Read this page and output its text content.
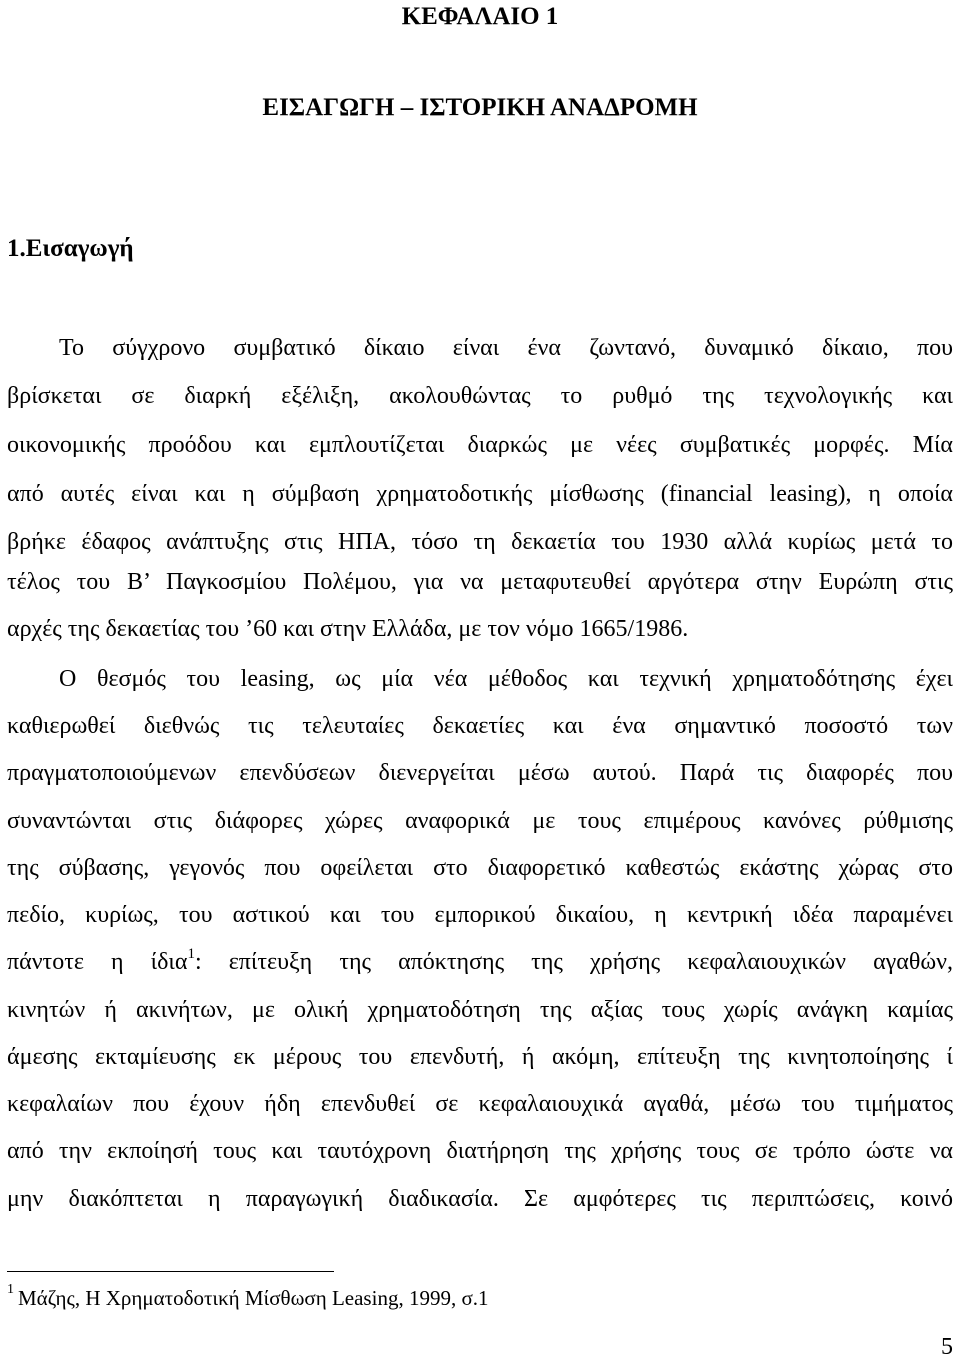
ΚΕΦΑΛΑΙΟ 1
ΕΙΣΑΓΩΓΗ – ΙΣΤΟΡΙΚΗ ΑΝΑΔΡΟΜΗ
1.Εισαγωγή
Το σύγχρονο συμβατικό δίκαιο είναι ένα ζωντανό, δυναμικό δίκαιο, που
βρίσκεται σε διαρκή εξέλιξη, ακολουθώντας το ρυθμό της τεχνολογικής και
οικονομικής προόδου και εμπλουτίζεται διαρκώς με νέες συμβατικές μορφές. Μία
από αυτές είναι και η σύμβαση χρηματοδοτικής μίσθωσης (financial leasing), η οποία
βρήκε έδαφος ανάπτυξης στις ΗΠΑ, τόσο τη δεκαετία του 1930 αλλά κυρίως μετά το
τέλος του Β’ Παγκοσμίου Πολέμου, για να μεταφυτευθεί αργότερα στην Ευρώπη στις
αρχές της δεκαετίας του ’60 και στην Ελλάδα, με τον νόμο 1665/1986.
Ο θεσμός του leasing, ως μία νέα μέθοδος και τεχνική χρηματοδότησης έχει
καθιερωθεί διεθνώς τις τελευταίες δεκαετίες και ένα σημαντικό ποσοστό των
πραγματοποιούμενων επενδύσεων διενεργείται μέσω αυτού. Παρά τις διαφορές που
συναντώνται στις διάφορες χώρες αναφορικά με τους επιμέρους κανόνες ρύθμισης
της σύβασης, γεγονός που οφείλεται στο διαφορετικό καθεστώς εκάστης χώρας στο
πεδίο, κυρίως, του αστικού και του εμπορικού δικαίου, η κεντρική ιδέα παραμένει
πάντοτε η ίδια$^1$: επίτευξη της απόκτησης της χρήσης κεφαλαιουχικών αγαθών,
κινητών ή ακινήτων, με ολική χρηματοδότηση της αξίας τους χωρίς ανάγκη καμίας
άμεσης εκταμίευσης εκ μέρους του επενδυτή, ή ακόμη, επίτευξη της κινητοποίησης ί
κεφαλαίων που έχουν ήδη επενδυθεί σε κεφαλαιουχικά αγαθά, μέσω του τιμήματος
από την εκποίησή τους και ταυτόχρονη διατήρηση της χρήσης τους σε τρόπο ώστε να
μην διακόπτεται η παραγωγική διαδικασία. Σε αμφότερες τις περιπτώσεις, κοινό
$^1$ Μάζης, Η Χρηματοδοτική Μίσθωση Leasing, 1999, σ.1
5
